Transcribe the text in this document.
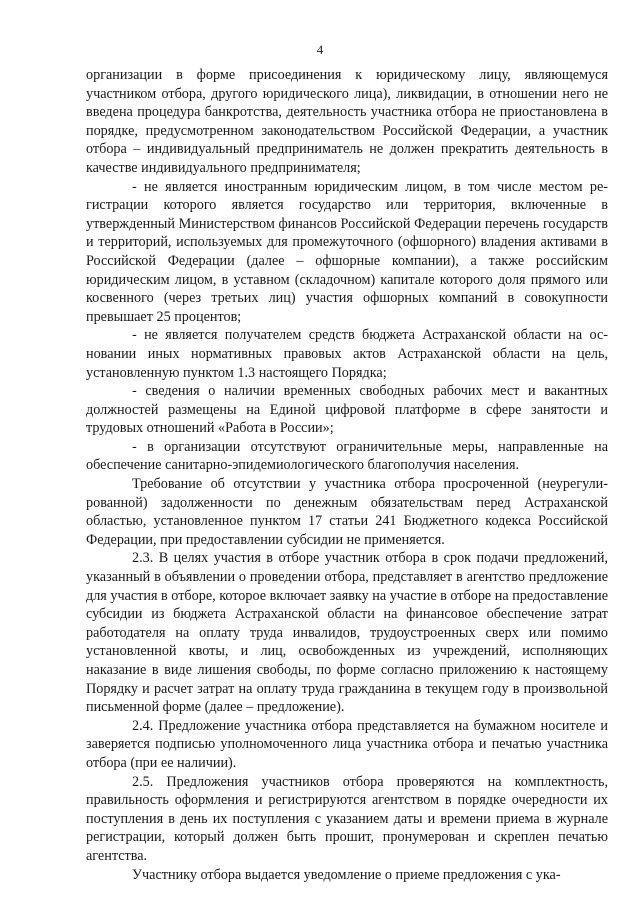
4

организации в форме присоединения к юридическому лицу, являющемуся участником отбора, другого юридического лица), ликвидации, в отношении него не введена процедура банкротства, деятельность участника отбора не приостановлена в порядке, предусмотренном законодательством Российской Федерации, а участник отбора – индивидуальный предприниматель не должен прекратить деятельность в качестве индивидуального предпринимателя;

- не является иностранным юридическим лицом, в том числе местом регистрации которого является государство или территория, включенные в утвержденный Министерством финансов Российской Федерации перечень государств и территорий, используемых для промежуточного (офшорного) владения активами в Российской Федерации (далее – офшорные компании), а также российским юридическим лицом, в уставном (складочном) капитале которого доля прямого или косвенного (через третьих лиц) участия офшорных компаний в совокупности превышает 25 процентов;

- не является получателем средств бюджета Астраханской области на основании иных нормативных правовых актов Астраханской области на цель, установленную пунктом 1.3 настоящего Порядка;

- сведения о наличии временных свободных рабочих мест и вакантных должностей размещены на Единой цифровой платформе в сфере занятости и трудовых отношений «Работа в России»;

- в организации отсутствуют ограничительные меры, направленные на обеспечение санитарно-эпидемиологического благополучия населения.

Требование об отсутствии у участника отбора просроченной (неурегулированной) задолженности по денежным обязательствам перед Астраханской областью, установленное пунктом 17 статьи 241 Бюджетного кодекса Российской Федерации, при предоставлении субсидии не применяется.

2.3. В целях участия в отборе участник отбора в срок подачи предложений, указанный в объявлении о проведении отбора, представляет в агентство предложение для участия в отборе, которое включает заявку на участие в отборе на предоставление субсидии из бюджета Астраханской области на финансовое обеспечение затрат работодателя на оплату труда инвалидов, трудоустроенных сверх или помимо установленной квоты, и лиц, освобожденных из учреждений, исполняющих наказание в виде лишения свободы, по форме согласно приложению к настоящему Порядку и расчет затрат на оплату труда гражданина в текущем году в произвольной письменной форме (далее – предложение).

2.4. Предложение участника отбора представляется на бумажном носителе и заверяется подписью уполномоченного лица участника отбора и печатью участника отбора (при ее наличии).

2.5. Предложения участников отбора проверяются на комплектность, правильность оформления и регистрируются агентством в порядке очередности их поступления в день их поступления с указанием даты и времени приема в журнале регистрации, который должен быть прошит, пронумерован и скреплен печатью агентства.

Участнику отбора выдается уведомление о приеме предложения с ука-
